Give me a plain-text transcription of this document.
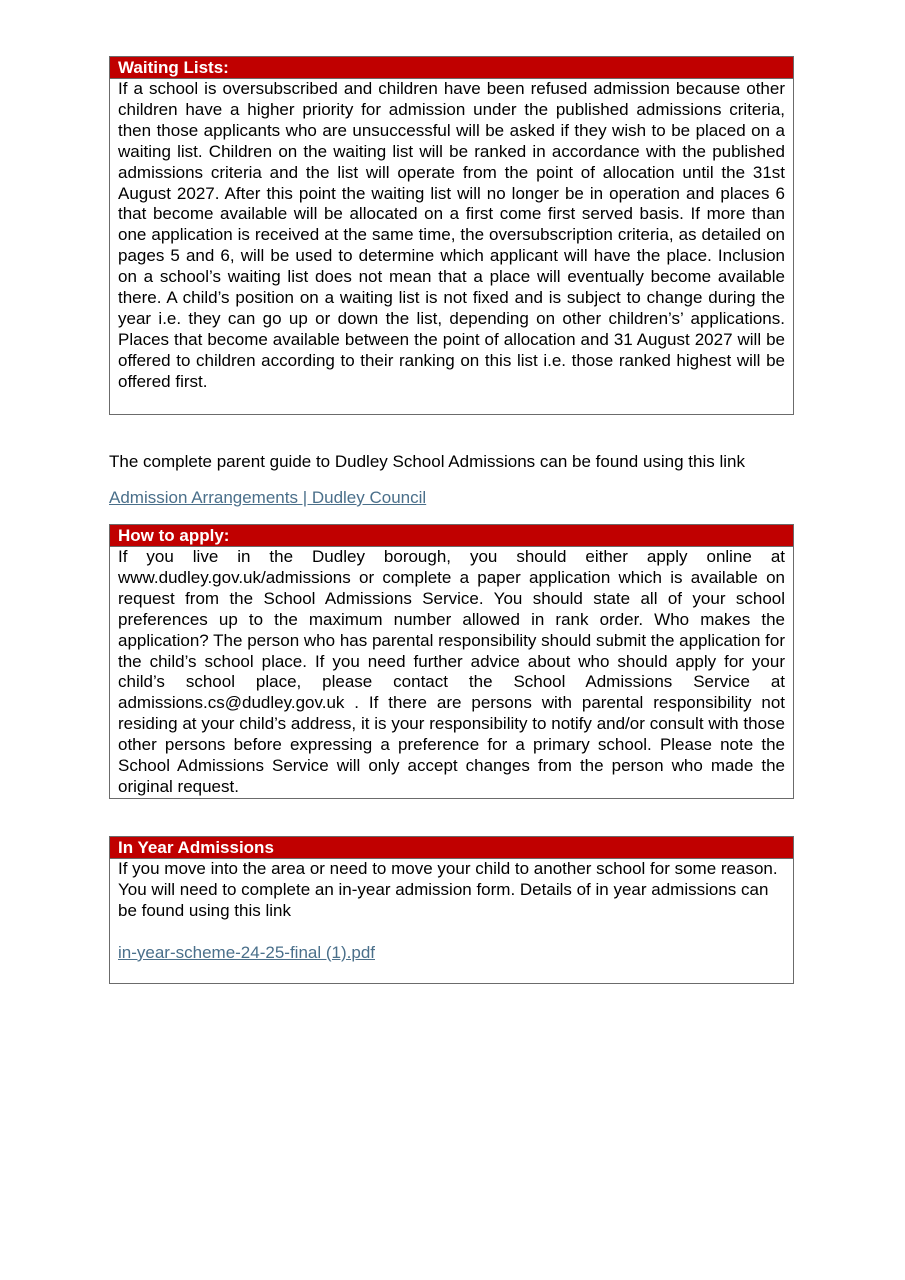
Waiting Lists:
If a school is oversubscribed and children have been refused admission because other children have a higher priority for admission under the published admissions criteria, then those applicants who are unsuccessful will be asked if they wish to be placed on a waiting list. Children on the waiting list will be ranked in accordance with the published admissions criteria and the list will operate from the point of allocation until the 31st August 2027. After this point the waiting list will no longer be in operation and places 6 that become available will be allocated on a first come first served basis. If more than one application is received at the same time, the oversubscription criteria, as detailed on pages 5 and 6, will be used to determine which applicant will have the place. Inclusion on a school’s waiting list does not mean that a place will eventually become available there. A child’s position on a waiting list is not fixed and is subject to change during the year i.e. they can go up or down the list, depending on other children’s’ applications. Places that become available between the point of allocation and 31 August 2027 will be offered to children according to their ranking on this list i.e. those ranked highest will be offered first.
The complete parent guide to Dudley School Admissions can be found using this link
Admission Arrangements | Dudley Council
How to apply:
If you live in the Dudley borough, you should either apply online at www.dudley.gov.uk/admissions or complete a paper application which is available on request from the School Admissions Service. You should state all of your school preferences up to the maximum number allowed in rank order. Who makes the application? The person who has parental responsibility should submit the application for the child’s school place. If you need further advice about who should apply for your child’s school place, please contact the School Admissions Service at admissions.cs@dudley.gov.uk . If there are persons with parental responsibility not residing at your child’s address, it is your responsibility to notify and/or consult with those other persons before expressing a preference for a primary school. Please note the School Admissions Service will only accept changes from the person who made the original request.
In Year Admissions
If you move into the area or need to move your child to another school for some reason. You will need to complete an in-year admission form. Details of in year admissions can be found using this link
in-year-scheme-24-25-final (1).pdf
